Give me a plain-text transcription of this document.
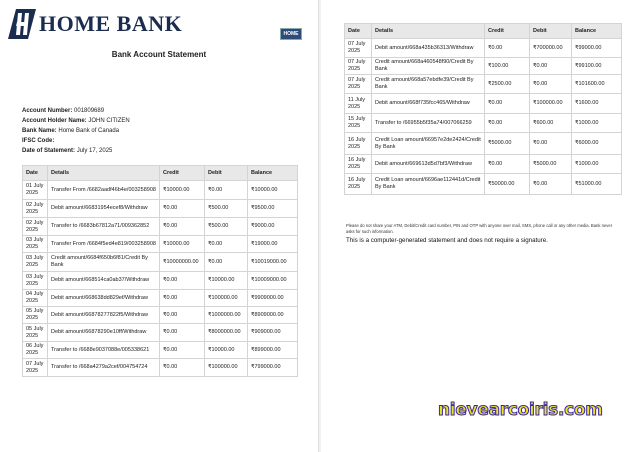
HOME BANK	HOME BANK
Bank Account Statement
Account Number: 001809689
Account Holder Name: JOHN CITIZEN
Bank Name: Home Bank of Canada
IFSC Code:
Date of Statement: July 17, 2025
Date	Details	Credit	Debit	Balance
01 July 2025	Transfer From /6682aadf46b4e/003258908	₹10000.00	₹0.00	₹10000.00
02 July 2025	Debit amount/66831954ecef8/Withdraw	₹0.00	₹500.00	₹9500.00
02 July 2025	Transfer to /6683b67812a71/009362852	₹0.00	₹500.00	₹9000.00
03 July 2025	Transfer From /6684f5ed4e819/003258908	₹10000.00	₹0.00	₹19000.00
03 July 2025	Credit amount/6684f650b6f81/Credit By Bank	₹10000000.00	₹0.00	₹10019000.00
03 July 2025	Debit amount/668514ca0ab37/Withdraw	₹0.00	₹10000.00	₹10009000.00
04 July 2025	Debit amount/668638dd829ef/Withdraw	₹0.00	₹100000.00	₹9909000.00
05 July 2025	Debit amount/66878277822f5/Withdraw	₹0.00	₹1000000.00	₹8909000.00
05 July 2025	Debit amount/66878290e10ff/Withdraw	₹0.00	₹8000000.00	₹909000.00
06 July 2025	Transfer to /6688e9037088e/005338621	₹0.00	₹10000.00	₹899000.00
07 July 2025	Transfer to /668a4279a2cef/004754724	₹0.00	₹100000.00	₹799000.00
Date	Details	Credit	Debit	Balance
07 July 2025	Debit amount/668a435b36313/Withdraw	₹0.00	₹700000.00	₹99000.00
07 July 2025	Credit amount/668a460548f90/Credit By Bank	₹100.00	₹0.00	₹99100.00
07 July 2025	Credit amount/668a57ebdfe39/Credit By Bank	₹2500.00	₹0.00	₹101600.00
11 July 2025	Debit amount/668f735fcc465/Withdraw	₹0.00	₹100000.00	₹1600.00
15 July 2025	Transfer to /66955b5f35a74/007066259	₹0.00	₹600.00	₹1000.00
16 July 2025	Credit Loan amount/66957e2de2424/Credit By Bank	₹5000.00	₹0.00	₹6000.00
16 July 2025	Debit amount/669613d5d7bf3/Withdraw	₹0.00	₹5000.00	₹1000.00
16 July 2025	Credit Loan amount/6696ae112441d/Credit By Bank	₹50000.00	₹0.00	₹51000.00
Please do not share your ATM, Debit/Credit card number, PIN and OTP with anyone over mail, SMS, phone call or any other media. Bank never asks for such information.
This is a computer-generated statement and does not require a signature.
nievearcoiris.com
